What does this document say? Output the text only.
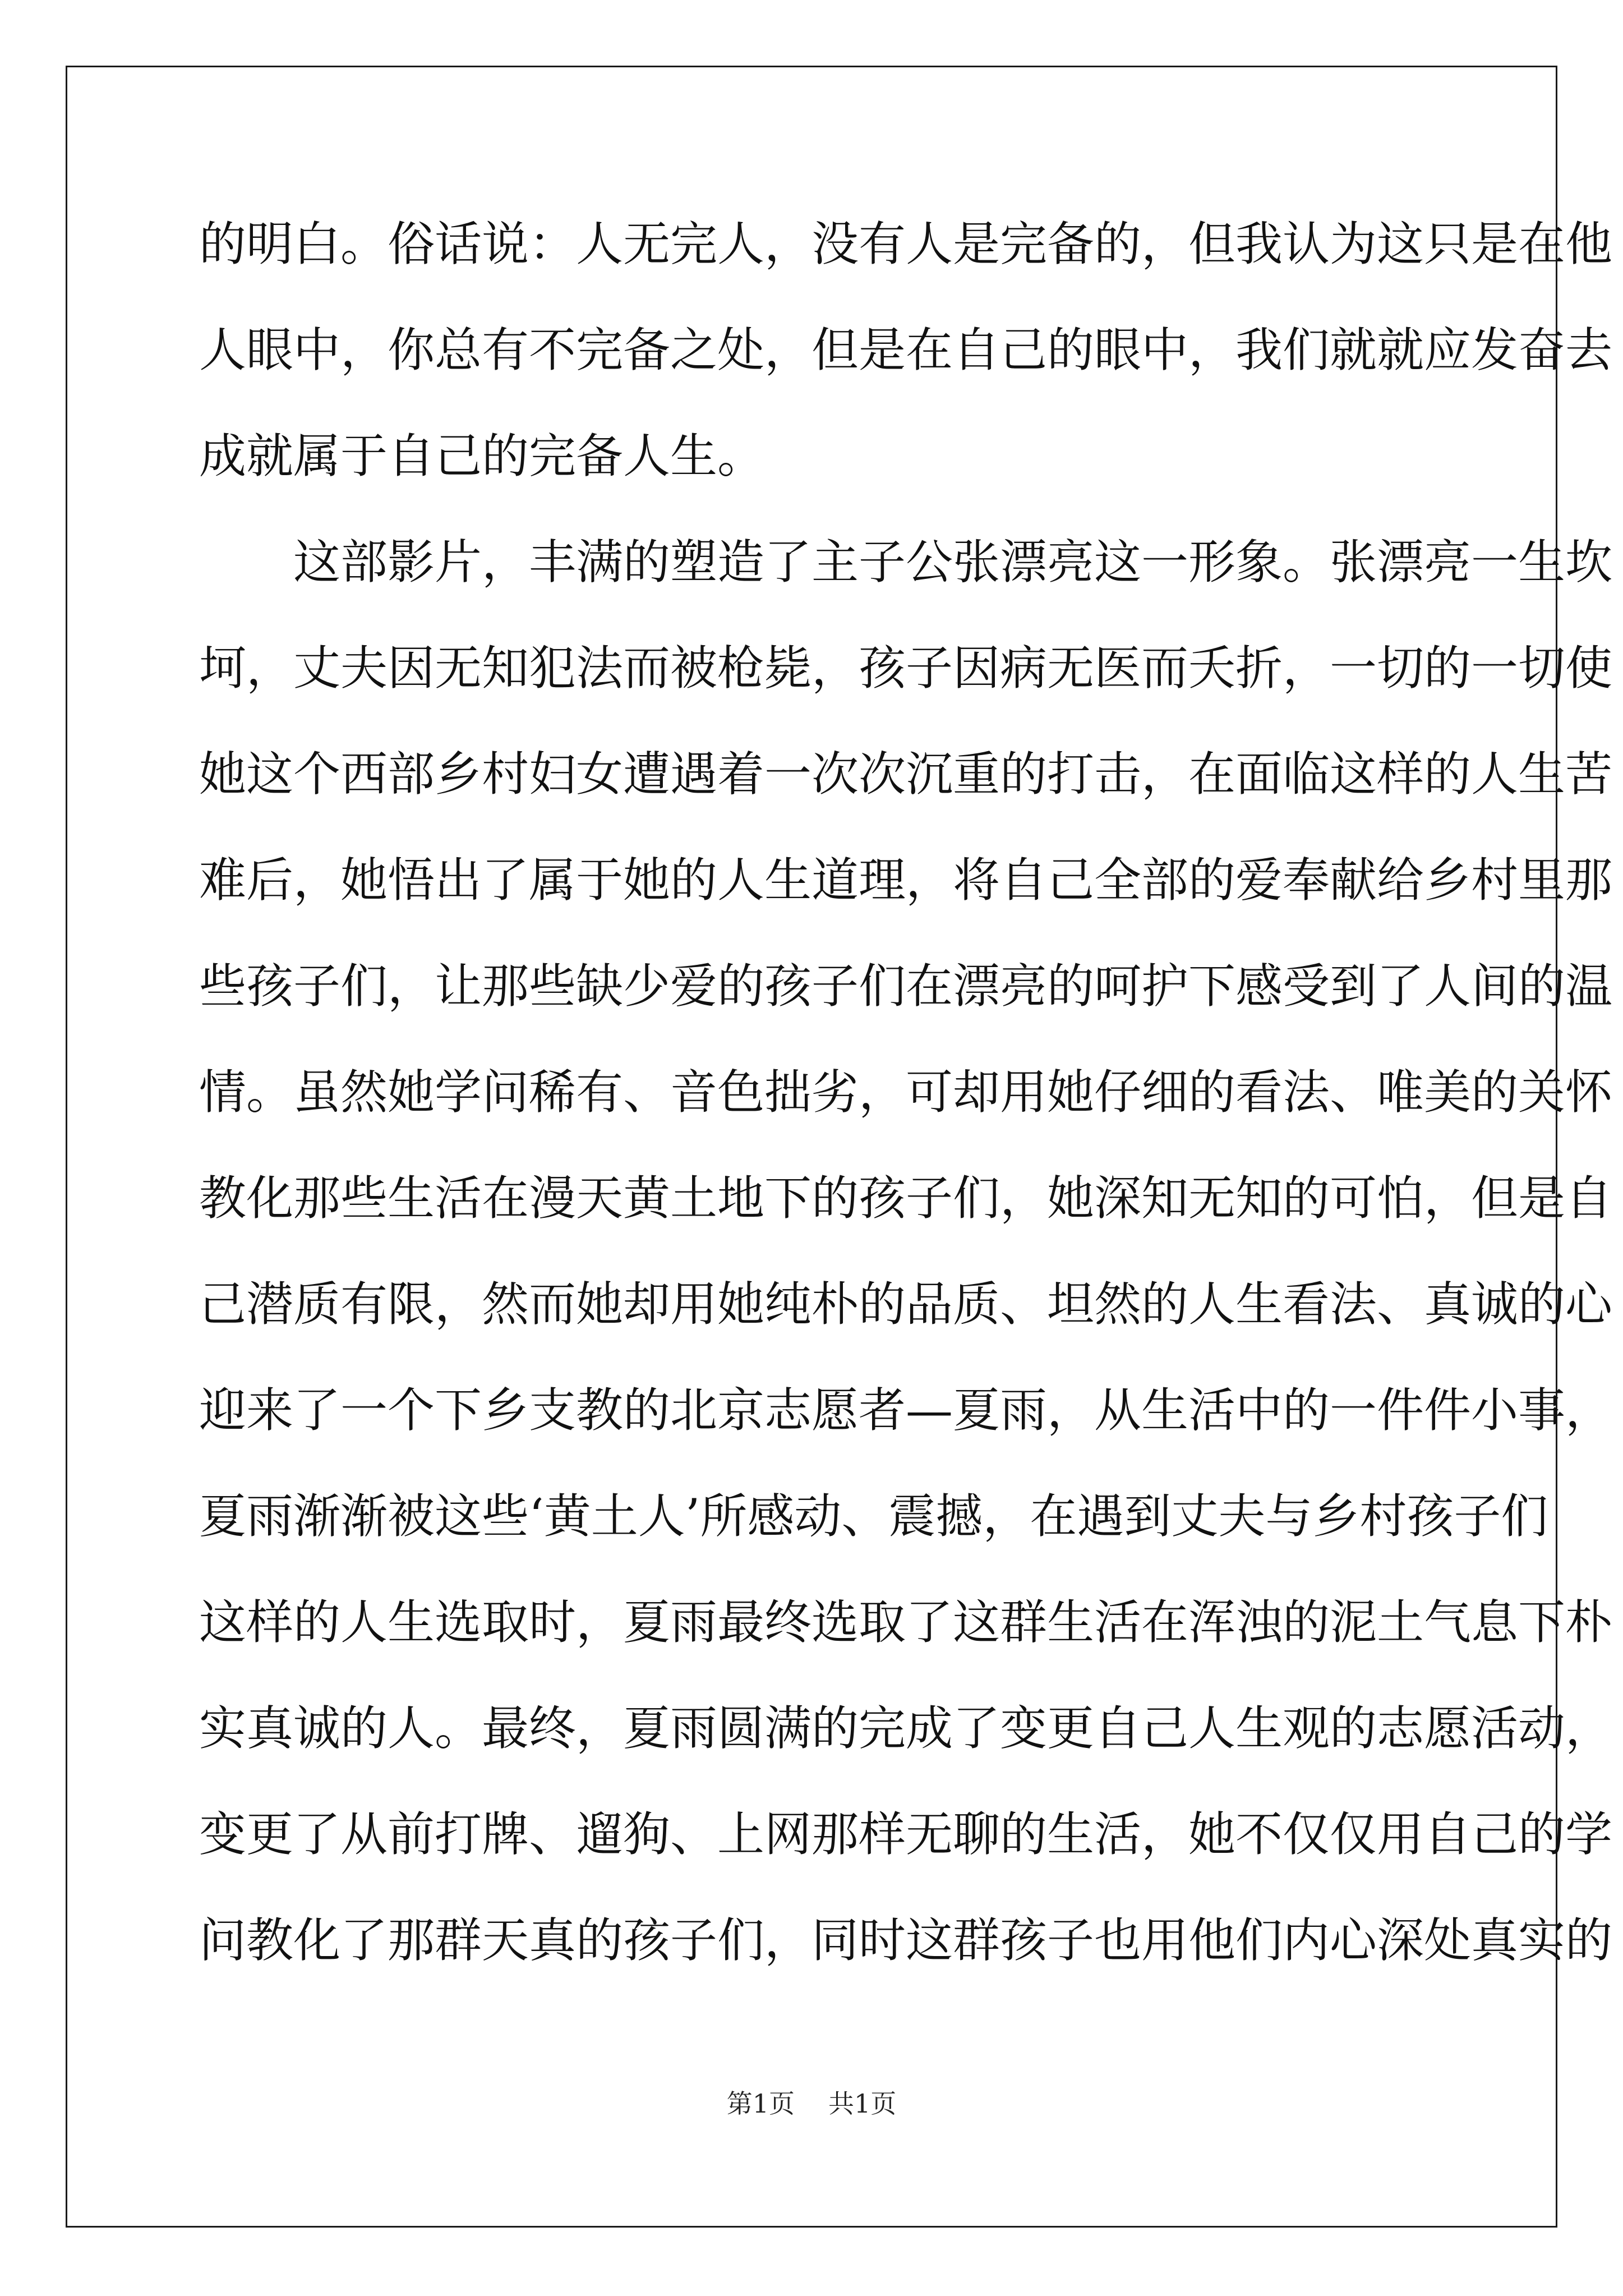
的明白。俗话说：人无完人，没有人是完备的，但我认为这只是在他
人眼中，你总有不完备之处，但是在自己的眼中，我们就就应发奋去
成就属于自己的完备人生。
　　这部影片，丰满的塑造了主子公张漂亮这一形象。张漂亮一生坎
坷，丈夫因无知犯法而被枪毙，孩子因病无医而夭折，一切的一切使
她这个西部乡村妇女遭遇着一次次沉重的打击，在面临这样的人生苦
难后，她悟出了属于她的人生道理，将自己全部的爱奉献给乡村里那
些孩子们，让那些缺少爱的孩子们在漂亮的呵护下感受到了人间的温
情。虽然她学问稀有、音色拙劣，可却用她仔细的看法、唯美的关怀
教化那些生活在漫天黄土地下的孩子们，她深知无知的可怕，但是自
己潜质有限，然而她却用她纯朴的品质、坦然的人生看法、真诚的心
迎来了一个下乡支教的北京志愿者—夏雨，从生活中的一件件小事，
夏雨渐渐被这些‘黄土人’所感动、震撼，在遇到丈夫与乡村孩子们
这样的人生选取时，夏雨最终选取了这群生活在浑浊的泥土气息下朴
实真诚的人。最终，夏雨圆满的完成了变更自己人生观的志愿活动，
变更了从前打牌、遛狗、上网那样无聊的生活，她不仅仅用自己的学
问教化了那群天真的孩子们，同时这群孩子也用他们内心深处真实的
第1页 共1页
